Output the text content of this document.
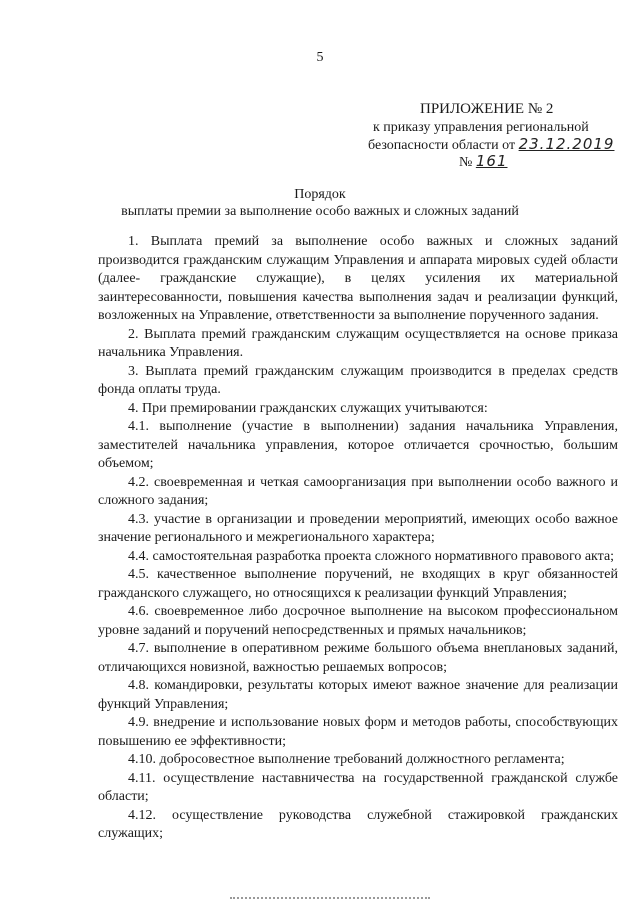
5
ПРИЛОЖЕНИЕ № 2
к приказу управления региональной
безопасности области от 23.12.2019
№ 161
Порядок
выплаты премии за выполнение особо важных и сложных заданий

1. Выплата премий за выполнение особо важных и сложных заданий производится гражданским служащим Управления и аппарата мировых судей области (далее- гражданские служащие), в целях усиления их материальной заинтересованности, повышения качества выполнения задач и реализации функций, возложенных на Управление, ответственности за выполнение порученного задания.

2. Выплата премий гражданским служащим осуществляется на основе приказа начальника Управления.

3. Выплата премий гражданским служащим производится в пределах средств фонда оплаты труда.

4. При премировании гражданских служащих учитываются:

4.1. выполнение (участие в выполнении) задания начальника Управления, заместителей начальника управления, которое отличается срочностью, большим объемом;

4.2. своевременная и четкая самоорганизация при выполнении особо важного и сложного задания;

4.3. участие в организации и проведении мероприятий, имеющих особо важное значение регионального и межрегионального характера;

4.4. самостоятельная разработка проекта сложного нормативного правового акта;

4.5. качественное выполнение поручений, не входящих в круг обязанностей гражданского служащего, но относящихся к реализации функций Управления;

4.6. своевременное либо досрочное выполнение на высоком профессиональном уровне заданий и поручений непосредственных и прямых начальников;

4.7. выполнение в оперативном режиме большого объема внеплановых заданий, отличающихся новизной, важностью решаемых вопросов;

4.8. командировки, результаты которых имеют важное значение для реализации функций Управления;

4.9. внедрение и использование новых форм и методов работы, способствующих повышению ее эффективности;

4.10. добросовестное выполнение требований должностного регламента;

4.11. осуществление наставничества на государственной гражданской службе области;

4.12. осуществление руководства служебной стажировкой гражданских служащих;
